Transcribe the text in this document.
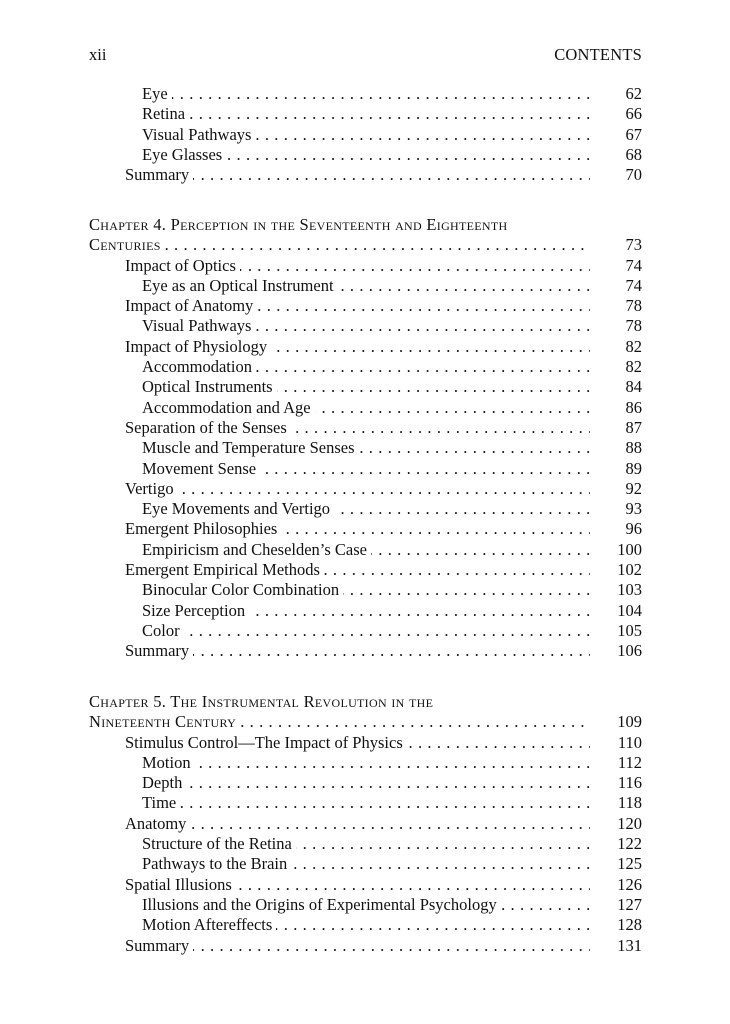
xii	CONTENTS
Eye . . .	62
Retina . . .	66
Visual Pathways . . .	67
Eye Glasses . . .	68
Summary . . .	70
Chapter 4. Perception in the Seventeenth and Eighteenth
Centuries . . .	73
Impact of Optics . . .	74
Eye as an Optical Instrument . . .	74
Impact of Anatomy . . .	78
Visual Pathways . . .	78
Impact of Physiology . . .	82
Accommodation . . .	82
Optical Instruments . . .	84
Accommodation and Age . . .	86
Separation of the Senses . . .	87
Muscle and Temperature Senses . . .	88
Movement Sense . . .	89
Vertigo . . .	92
Eye Movements and Vertigo . . .	93
Emergent Philosophies . . .	96
Empiricism and Cheselden’s Case . . .	100
Emergent Empirical Methods . . .	102
Binocular Color Combination . . .	103
Size Perception . . .	104
Color . . .	105
Summary . . .	106
Chapter 5. The Instrumental Revolution in the
Nineteenth Century . . .	109
Stimulus Control—The Impact of Physics . . .	110
Motion . . .	112
Depth . . .	116
Time . . .	118
Anatomy . . .	120
Structure of the Retina . . .	122
Pathways to the Brain . . .	125
Spatial Illusions . . .	126
Illusions and the Origins of Experimental Psychology . . .	127
Motion Aftereffects . . .	128
Summary . . .	131
